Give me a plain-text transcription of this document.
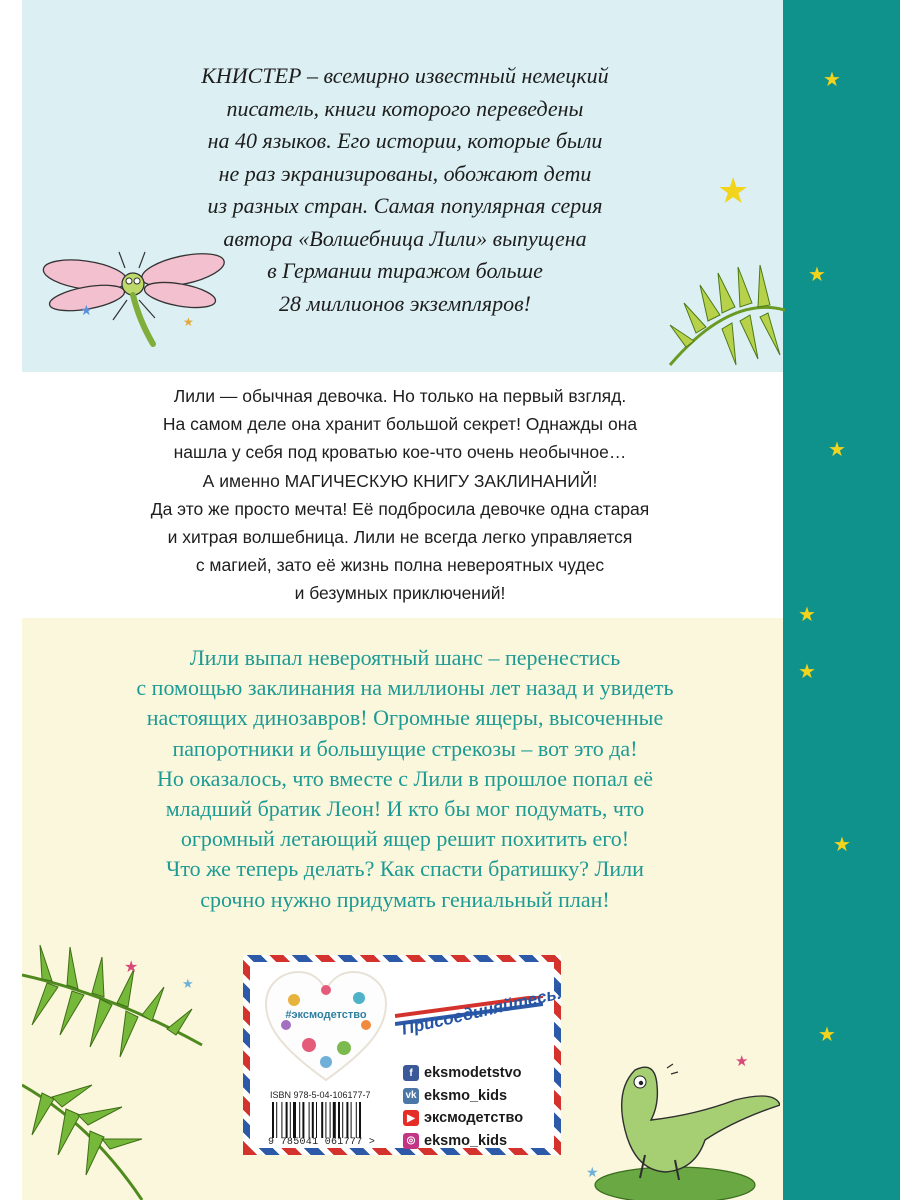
★
★
★
★
★
★
★
★
★
★
КНИСТЕР – всемирно известный немецкий
писатель, книги которого переведены
на 40 языков. Его истории, которые были
не раз экранизированы, обожают дети
из разных стран. Самая популярная серия
автора «Волшебница Лили» выпущена
в Германии тиражом больше
28 миллионов экземпляров!
Лили — обычная девочка. Но только на первый взгляд.
На самом деле она хранит большой секрет! Однажды она
нашла у себя под кроватью кое-что очень необычное…
А именно МАГИЧЕСКУЮ КНИГУ ЗАКЛИНАНИЙ!
Да это же просто мечта! Её подбросила девочке одна старая
и хитрая волшебница. Лили не всегда легко управляется
с магией, зато её жизнь полна невероятных чудес
и безумных приключений!
Лили выпал невероятный шанс – перенестись
с помощью заклинания на миллионы лет назад и увидеть
настоящих динозавров! Огромные ящеры, высоченные
папоротники и большущие стрекозы – вот это да!
Но оказалось, что вместе с Лили в прошлое попал её
младший братик Леон! И кто бы мог подумать, что
огромный летающий ящер решит похитить его!
Что же теперь делать? Как спасти братишку? Лили
срочно нужно придумать гениальный план!
★
★
★
★
#эксмодетство	Присоединяйтесь!
f eksmodetstvo
vk eksmo_kids
▶ эксмодетство
◎ eksmo_kids
ISBN 978-5-04-106177-7
9 785041 061777 >
